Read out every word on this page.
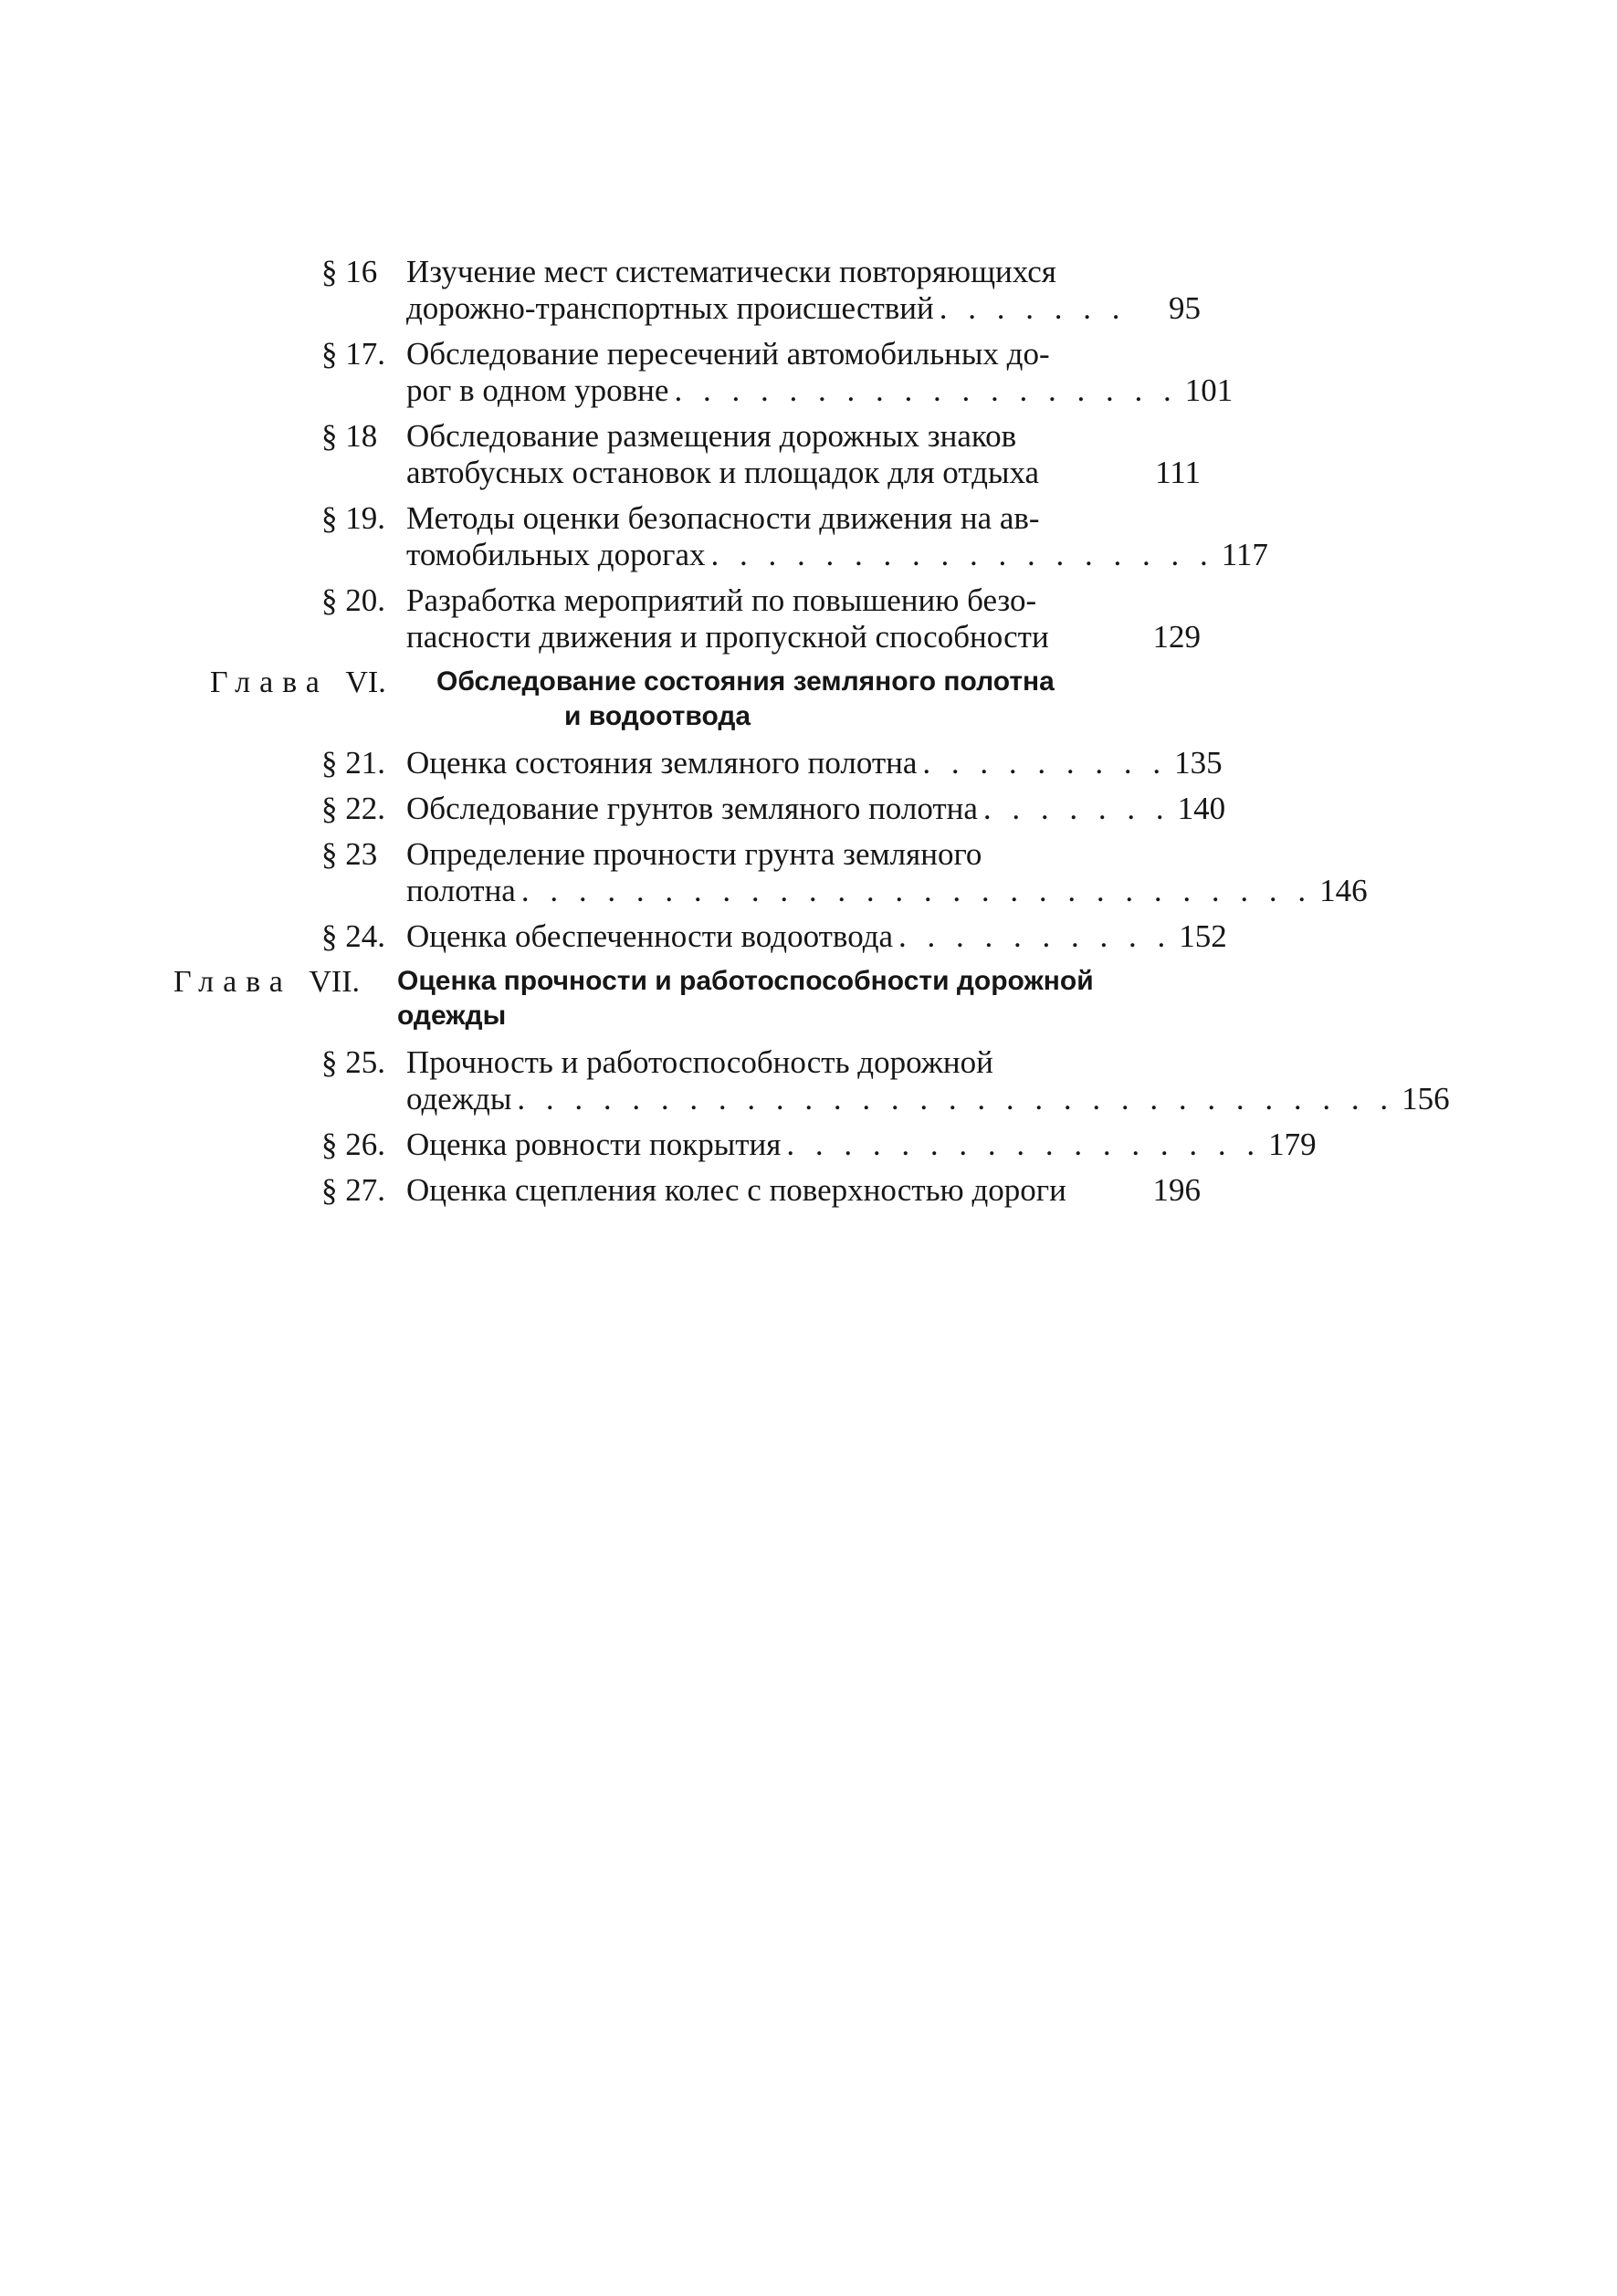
§ 16 Изучение мест систематически повторяющихся
дорожно-транспортных происшествий . . . . . . .	95
§ 17. Обследование пересечений автомобильных до-
рог в одном уровне . . . . . . . . . . . . . . . . . . 101
§ 18 Обследование размещения дорожных знаков
автобусных остановок и площадок для отдыха	111
§ 19. Методы оценки безопасности движения на ав-
томобильных дорогах . . . . . . . . . . . . . . . . . . 117
§ 20. Разработка мероприятий по повышению безо-
пасности движения и пропускной способности	129
Глава VI. Обследование состояния земляного полотна
и водоотвода
§ 21. Оценка состояния земляного полотна . . . . . . . . . 135
§ 22. Обследование грунтов земляного полотна . . . . . . . 140
§ 23 Определение прочности грунта земляного
полотна . . . . . . . . . . . . . . . . . . . . . . . . . . . . 146
§ 24. Оценка обеспеченности водоотвода . . . . . . . . . . 152
Глава VII. Оценка прочности и работоспособности дорожной
одежды
§ 25. Прочность и работоспособность дорожной
одежды . . . . . . . . . . . . . . . . . . . . . . . . . . . . . . . 156
§ 26. Оценка ровности покрытия . . . . . . . . . . . . . . . . . 179
§ 27. Оценка сцепления колес с поверхностью дороги	196
